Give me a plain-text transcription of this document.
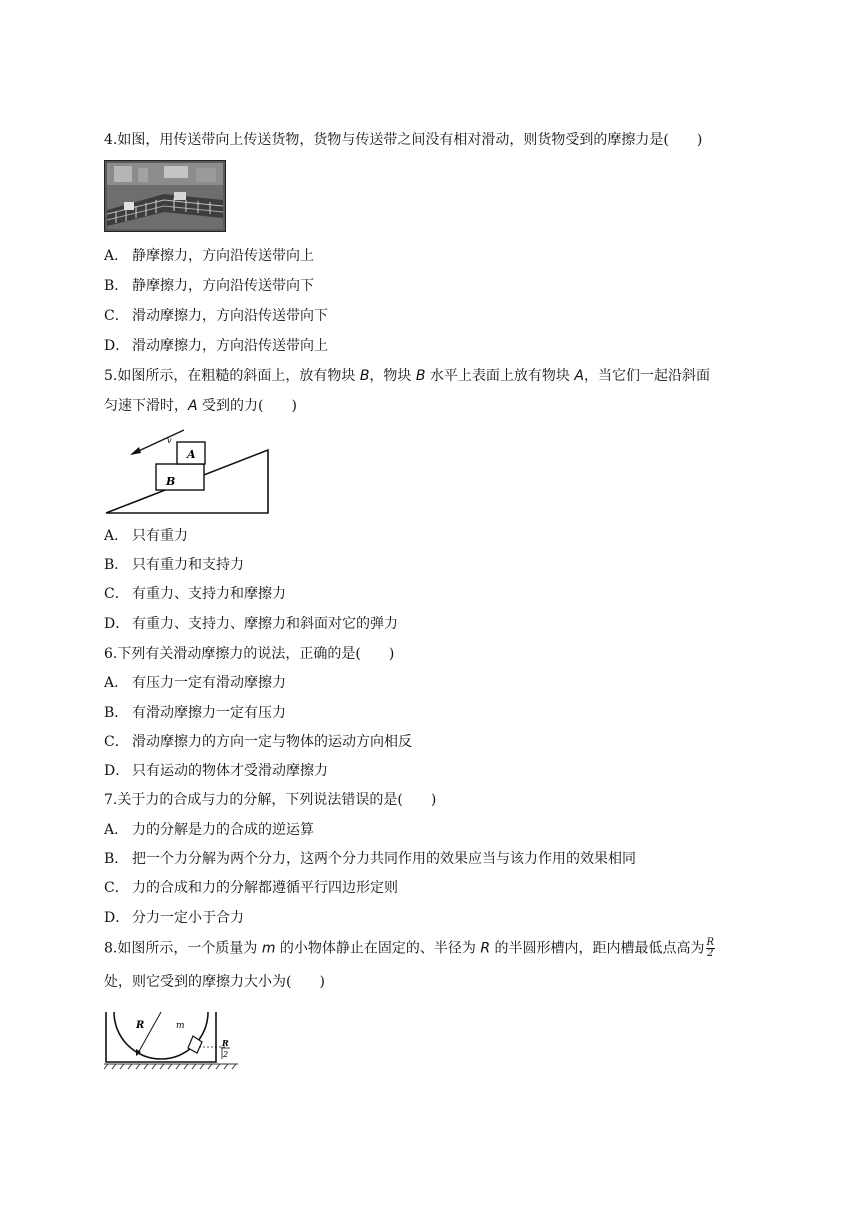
4.如图，用传送带向上传送货物，货物与传送带之间没有相对滑动，则货物受到的摩擦力是(　　)
A． 静摩擦力，方向沿传送带向上
B． 静摩擦力，方向沿传送带向下
C． 滑动摩擦力，方向沿传送带向下
D． 滑动摩擦力，方向沿传送带向上
5.如图所示，在粗糙的斜面上，放有物块 B，物块 B 水平上表面上放有物块 A，当它们一起沿斜面
匀速下滑时，A 受到的力(　　)
B
A
v
A． 只有重力
B． 只有重力和支持力
C． 有重力、支持力和摩擦力
D． 有重力、支持力、摩擦力和斜面对它的弹力
6.下列有关滑动摩擦力的说法，正确的是(　　)
A． 有压力一定有滑动摩擦力
B． 有滑动摩擦力一定有压力
C． 滑动摩擦力的方向一定与物体的运动方向相反
D． 只有运动的物体才受滑动摩擦力
7.关于力的合成与力的分解，下列说法错误的是(　　)
A． 力的分解是力的合成的逆运算
B． 把一个力分解为两个分力，这两个分力共同作用的效果应当与该力作用的效果相同
C． 力的合成和力的分解都遵循平行四边形定则
D． 分力一定小于合力
8.如图所示，一个质量为 m 的小物体静止在固定的、半径为 R 的半圆形槽内，距内槽最低点高为 $\frac{R}{2}$
处，则它受到的摩擦力大小为(　　)
R	m
R
2
